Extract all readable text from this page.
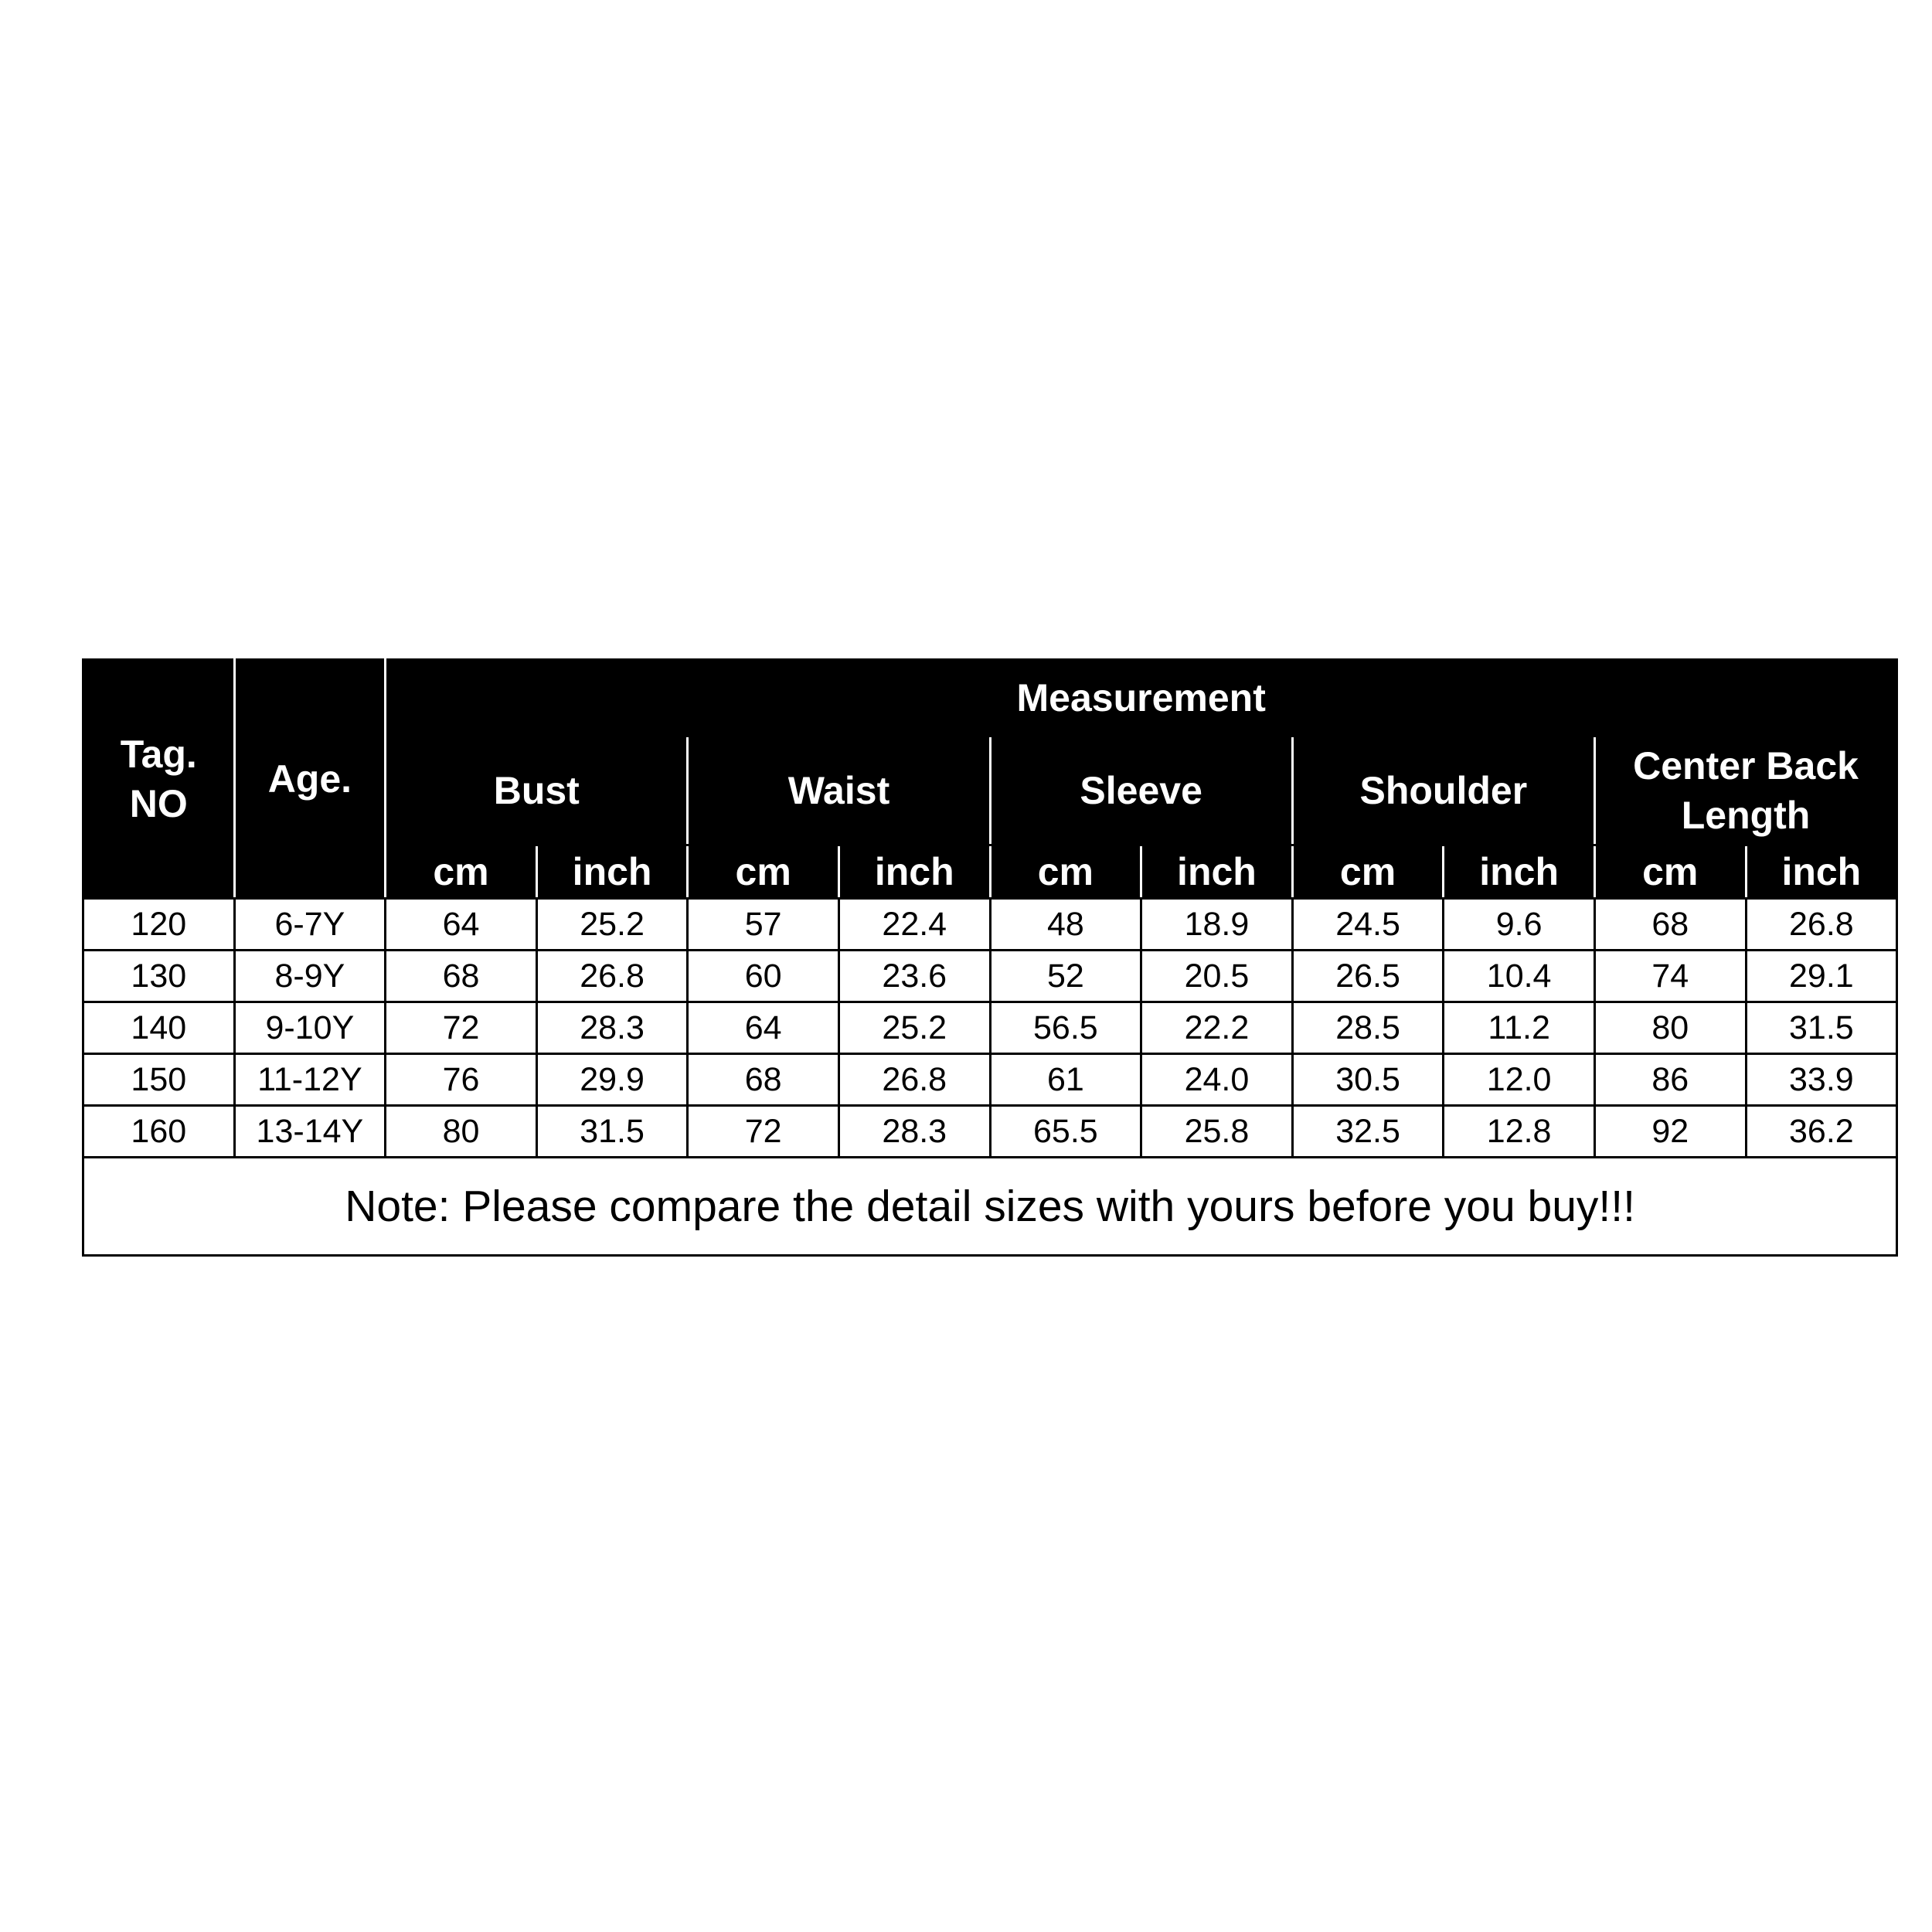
Tag.
NO	Age.	Measurement									
		Bust		Waist		Sleeve		Shoulder		Center Back
Length	
		cm	inch	cm	inch	cm	inch	cm	inch	cm	inch
120	6-7Y	64	25.2	57	22.4	48	18.9	24.5	9.6	68	26.8
130	8-9Y	68	26.8	60	23.6	52	20.5	26.5	10.4	74	29.1
140	9-10Y	72	28.3	64	25.2	56.5	22.2	28.5	11.2	80	31.5
150	11-12Y	76	29.9	68	26.8	61	24.0	30.5	12.0	86	33.9
160	13-14Y	80	31.5	72	28.3	65.5	25.8	32.5	12.8	92	36.2
Note: Please compare the detail sizes with yours before you buy!!!											
